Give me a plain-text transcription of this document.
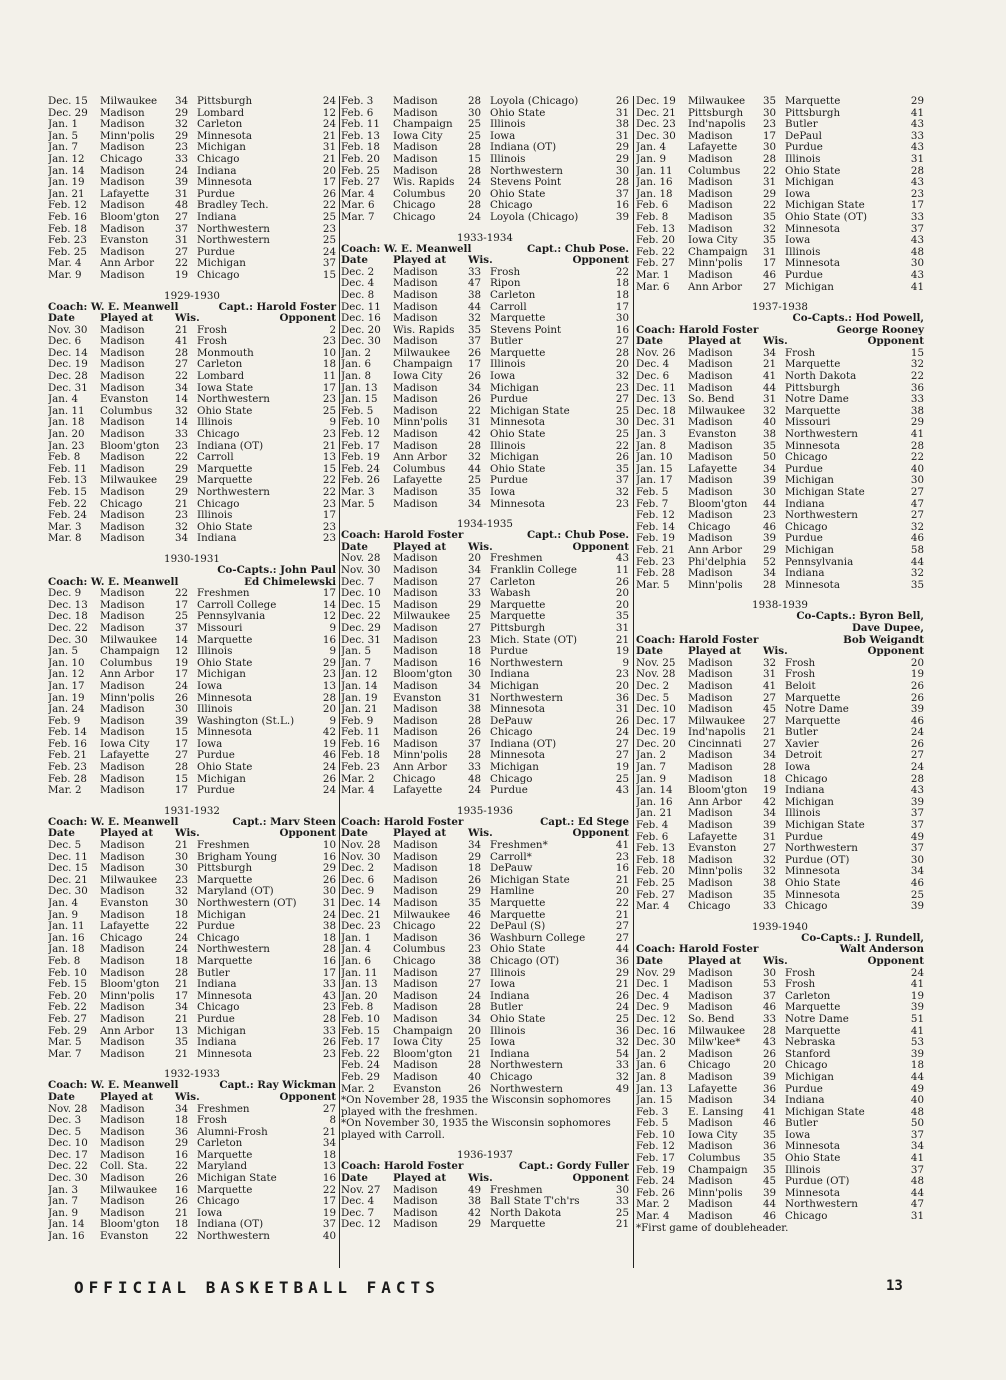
Dec. 15	Milwaukee	34 Pittsburgh	24
Dec. 29	Madison	29 Lombard	12
Jan. 1	Madison	32 Carleton	24
Jan. 5	Minn'polis	29 Minnesota	21
Jan. 7	Madison	23 Michigan	31
Jan. 12	Chicago	33 Chicago	21
Jan. 14	Madison	24 Indiana	20
Jan. 19	Madison	39 Minnesota	17
Jan. 21	Lafayette	31 Purdue	26
Feb. 12	Madison	48 Bradley Tech.	22
Feb. 16	Bloom'gton	27 Indiana	25
Feb. 18	Madison	37 Northwestern	23
Feb. 23	Evanston	31 Northwestern	25
Feb. 25	Madison	27 Purdue	24
Mar. 4	Ann Arbor	22 Michigan	37
Mar. 9	Madison	19 Chicago	15
1929-1930
Coach: W. E. Meanwell	Capt.: Harold Foster
Date	Played at	Wis.	Opponent
Nov. 30	Madison	21 Frosh	2
Dec. 6	Madison	41 Frosh	23
Dec. 14	Madison	28 Monmouth	10
Dec. 19	Madison	27 Carleton	18
Dec. 28	Madison	22 Lombard	11
Dec. 31	Madison	34 Iowa State	17
Jan. 4	Evanston	14 Northwestern	23
Jan. 11	Columbus	32 Ohio State	25
Jan. 18	Madison	14 Illinois	9
Jan. 20	Madison	33 Chicago	23
Jan. 23	Bloom'gton	23 Indiana (OT)	21
Feb. 8	Madison	22 Carroll	13
Feb. 11	Madison	29 Marquette	15
Feb. 13	Milwaukee	29 Marquette	22
Feb. 15	Madison	29 Northwestern	22
Feb. 22	Chicago	21 Chicago	23
Feb. 24	Madison	23 Illinois	17
Mar. 3	Madison	32 Ohio State	23
Mar. 8	Madison	34 Indiana	23
1930-1931
Co-Capts.: John Paul
Coach: W. E. Meanwell	Ed Chimelewski
Dec. 9	Madison	22 Freshmen	17
Dec. 13	Madison	17 Carroll College	14
Dec. 18	Madison	25 Pennsylvania	12
Dec. 22	Madison	37 Missouri	9
Dec. 30	Milwaukee	14 Marquette	16
Jan. 5	Champaign	12 Illinois	9
Jan. 10	Columbus	19 Ohio State	29
Jan. 12	Ann Arbor	17 Michigan	23
Jan. 17	Madison	24 Iowa	13
Jan. 19	Minn'polis	26 Minnesota	28
Jan. 24	Madison	30 Illinois	20
Feb. 9	Madison	39 Washington (St.L.)	9
Feb. 14	Madison	15 Minnesota	42
Feb. 16	Iowa City	17 Iowa	19
Feb. 21	Lafayette	27 Purdue	46
Feb. 23	Madison	28 Ohio State	24
Feb. 28	Madison	15 Michigan	26
Mar. 2	Madison	17 Purdue	24
1931-1932
Coach: W. E. Meanwell	Capt.: Marv Steen
Date	Played at	Wis.	Opponent
Dec. 5	Madison	21 Freshmen	10
Dec. 11	Madison	30 Brigham Young	16
Dec. 15	Madison	30 Pittsburgh	29
Dec. 21	Milwaukee	23 Marquette	26
Dec. 30	Madison	32 Maryland (OT)	30
Jan. 4	Evanston	30 Northwestern (OT)	31
Jan. 9	Madison	18 Michigan	24
Jan. 11	Lafayette	22 Purdue	38
Jan. 16	Chicago	24 Chicago	18
Jan. 18	Madison	24 Northwestern	28
Feb. 8	Madison	18 Marquette	16
Feb. 10	Madison	28 Butler	17
Feb. 15	Bloom'gton	21 Indiana	33
Feb. 20	Minn'polis	17 Minnesota	43
Feb. 22	Madison	34 Chicago	23
Feb. 27	Madison	21 Purdue	28
Feb. 29	Ann Arbor	13 Michigan	33
Mar. 5	Madison	35 Indiana	26
Mar. 7	Madison	21 Minnesota	23
1932-1933
Coach: W. E. Meanwell	Capt.: Ray Wickman
Date	Played at	Wis.	Opponent
Nov. 28	Madison	34 Freshmen	27
Dec. 3	Madison	18 Frosh	8
Dec. 5	Madison	36 Alumni-Frosh	21
Dec. 10	Madison	29 Carleton	34
Dec. 17	Madison	16 Marquette	18
Dec. 22	Coll. Sta.	22 Maryland	13
Dec. 30	Madison	26 Michigan State	16
Jan. 3	Milwaukee	16 Marquette	22
Jan. 7	Madison	26 Chicago	17
Jan. 9	Madison	21 Iowa	19
Jan. 14	Bloom'gton	18 Indiana (OT)	37
Jan. 16	Evanston	22 Northwestern	40
Feb. 3	Madison	28 Loyola (Chicago)	26
Feb. 6	Madison	30 Ohio State	31
Feb. 11	Champaign	25 Illinois	38
Feb. 13	Iowa City	25 Iowa	31
Feb. 18	Madison	28 Indiana (OT)	29
Feb. 20	Madison	15 Illinois	29
Feb. 25	Madison	28 Northwestern	30
Feb. 27	Wis. Rapids	24 Stevens Point	28
Mar. 4	Columbus	20 Ohio State	37
Mar. 6	Chicago	28 Chicago	16
Mar. 7	Chicago	24 Loyola (Chicago)	39
1933-1934
Coach: W. E. Meanwell	Capt.: Chub Pose.
Date	Played at	Wis.	Opponent
Dec. 2	Madison	33 Frosh	22
Dec. 4	Madison	47 Ripon	18
Dec. 8	Madison	38 Carleton	18
Dec. 11	Madison	44 Carroll	17
Dec. 16	Madison	32 Marquette	30
Dec. 20	Wis. Rapids	35 Stevens Point	16
Dec. 30	Madison	37 Butler	27
Jan. 2	Milwaukee	26 Marquette	28
Jan. 6	Champaign	17 Illinois	20
Jan. 8	Iowa City	26 Iowa	32
Jan. 13	Madison	34 Michigan	23
Jan. 15	Madison	26 Purdue	27
Feb. 5	Madison	22 Michigan State	25
Feb. 10	Minn'polis	31 Minnesota	30
Feb. 12	Madison	42 Ohio State	25
Feb. 17	Madison	28 Illinois	22
Feb. 19	Ann Arbor	32 Michigan	26
Feb. 24	Columbus	44 Ohio State	35
Feb. 26	Lafayette	25 Purdue	37
Mar. 3	Madison	35 Iowa	32
Mar. 5	Madison	34 Minnesota	23
1934-1935
Coach: Harold Foster	Capt.: Chub Pose.
Date	Played at	Wis.	Opponent
Nov. 28	Madison	20 Freshmen	43
Nov. 30	Madison	34 Franklin College	11
Dec. 7	Madison	27 Carleton	26
Dec. 10	Madison	33 Wabash	20
Dec. 15	Madison	29 Marquette	20
Dec. 22	Milwaukee	25 Marquette	35
Dec. 29	Madison	27 Pittsburgh	31
Dec. 31	Madison	23 Mich. State (OT)	21
Jan. 5	Madison	18 Purdue	19
Jan. 7	Madison	16 Northwestern	9
Jan. 12	Bloom'gton	30 Indiana	23
Jan. 14	Madison	34 Michigan	20
Jan. 19	Evanston	31 Northwestern	36
Jan. 21	Madison	38 Minnesota	31
Feb. 9	Madison	28 DePauw	26
Feb. 11	Madison	26 Chicago	24
Feb. 16	Madison	37 Indiana (OT)	27
Feb. 18	Minn'polis	28 Minnesota	27
Feb. 23	Ann Arbor	33 Michigan	19
Mar. 2	Chicago	48 Chicago	25
Mar. 4	Lafayette	24 Purdue	43
1935-1936
Coach: Harold Foster	Capt.: Ed Stege
Date	Played at	Wis.	Opponent
Nov. 28	Madison	34 Freshmen*	41
Nov. 30	Madison	29 Carroll*	23
Dec. 2	Madison	18 DePauw	16
Dec. 6	Madison	26 Michigan State	21
Dec. 9	Madison	29 Hamline	20
Dec. 14	Madison	35 Marquette	22
Dec. 21	Milwaukee	46 Marquette	21
Dec. 23	Chicago	22 DePaul (S)	27
Jan. 1	Madison	36 Washburn College	27
Jan. 4	Columbus	23 Ohio State	44
Jan. 6	Chicago	38 Chicago (OT)	36
Jan. 11	Madison	27 Illinois	29
Jan. 13	Madison	27 Iowa	21
Jan. 20	Madison	24 Indiana	26
Feb. 8	Madison	28 Butler	24
Feb. 10	Madison	34 Ohio State	25
Feb. 15	Champaign	20 Illinois	36
Feb. 17	Iowa City	25 Iowa	32
Feb. 22	Bloom'gton	21 Indiana	54
Feb. 24	Madison	28 Northwestern	33
Feb. 29	Madison	40 Chicago	32
Mar. 2	Evanston	26 Northwestern	49
*On November 28, 1935 the Wisconsin sophomores played with the freshmen.
*On November 30, 1935 the Wisconsin sophomores played with Carroll.
1936-1937
Coach: Harold Foster	Capt.: Gordy Fuller
Date	Played at	Wis.	Opponent
Nov. 27	Madison	49 Freshmen	30
Dec. 4	Madison	38 Ball State T'ch'rs	33
Dec. 7	Madison	42 North Dakota	25
Dec. 12	Madison	29 Marquette	21
Dec. 19	Milwaukee	35 Marquette	29
Dec. 21	Pittsburgh	30 Pittsburgh	41
Dec. 23	Ind'napolis	23 Butler	43
Dec. 30	Madison	17 DePaul	33
Jan. 4	Lafayette	30 Purdue	43
Jan. 9	Madison	28 Illinois	31
Jan. 11	Columbus	22 Ohio State	28
Jan. 16	Madison	31 Michigan	43
Jan. 18	Madison	29 Iowa	23
Feb. 6	Madison	22 Michigan State	17
Feb. 8	Madison	35 Ohio State (OT)	33
Feb. 13	Madison	32 Minnesota	37
Feb. 20	Iowa City	35 Iowa	43
Feb. 22	Champaign	31 Illinois	48
Feb. 27	Minn'polis	17 Minnesota	30
Mar. 1	Madison	46 Purdue	43
Mar. 6	Ann Arbor	27 Michigan	41
1937-1938
Co-Capts.: Hod Powell,
Coach: Harold Foster	George Rooney
Date	Played at	Wis.	Opponent
Nov. 26	Madison	34 Frosh	15
Dec. 4	Madison	21 Marquette	32
Dec. 6	Madison	41 North Dakota	22
Dec. 11	Madison	44 Pittsburgh	36
Dec. 13	So. Bend	31 Notre Dame	33
Dec. 18	Milwaukee	32 Marquette	38
Dec. 31	Madison	40 Missouri	29
Jan. 3	Evanston	38 Northwestern	41
Jan. 8	Madison	35 Minnesota	28
Jan. 10	Madison	50 Chicago	22
Jan. 15	Lafayette	34 Purdue	40
Jan. 17	Madison	39 Michigan	30
Feb. 5	Madison	30 Michigan State	27
Feb. 7	Bloom'gton	44 Indiana	47
Feb. 12	Madison	23 Northwestern	27
Feb. 14	Chicago	46 Chicago	32
Feb. 19	Madison	39 Purdue	46
Feb. 21	Ann Arbor	29 Michigan	58
Feb. 23	Phi'delphia	52 Pennsylvania	44
Feb. 28	Madison	34 Indiana	32
Mar. 5	Minn'polis	28 Minnesota	35
1938-1939
Co-Capts.: Byron Bell,
Dave Dupee,
Coach: Harold Foster	Bob Weigandt
Date	Played at	Wis.	Opponent
Nov. 25	Madison	32 Frosh	20
Nov. 28	Madison	31 Frosh	19
Dec. 2	Madison	41 Beloit	26
Dec. 5	Madison	27 Marquette	26
Dec. 10	Madison	45 Notre Dame	39
Dec. 17	Milwaukee	27 Marquette	46
Dec. 19	Ind'napolis	21 Butler	24
Dec. 20	Cincinnati	27 Xavier	26
Jan. 2	Madison	34 Detroit	27
Jan. 7	Madison	28 Iowa	24
Jan. 9	Madison	18 Chicago	28
Jan. 14	Bloom'gton	19 Indiana	43
Jan. 16	Ann Arbor	42 Michigan	39
Jan. 21	Madison	34 Illinois	37
Feb. 4	Madison	39 Michigan State	37
Feb. 6	Lafayette	31 Purdue	49
Feb. 13	Evanston	27 Northwestern	37
Feb. 18	Madison	32 Purdue (OT)	30
Feb. 20	Minn'polis	32 Minnesota	34
Feb. 25	Madison	38 Ohio State	46
Feb. 27	Madison	35 Minnesota	25
Mar. 4	Chicago	33 Chicago	39
1939-1940
Co-Capts.: J. Rundell,
Coach: Harold Foster	Walt Anderson
Date	Played at	Wis.	Opponent
Nov. 29	Madison	30 Frosh	24
Dec. 1	Madison	53 Frosh	41
Dec. 4	Madison	37 Carleton	19
Dec. 9	Madison	46 Marquette	39
Dec. 12	So. Bend	33 Notre Dame	51
Dec. 16	Milwaukee	28 Marquette	41
Dec. 30	Milw'kee*	43 Nebraska	53
Jan. 2	Madison	26 Stanford	39
Jan. 6	Chicago	20 Chicago	18
Jan. 8	Madison	39 Michigan	44
Jan. 13	Lafayette	36 Purdue	49
Jan. 15	Madison	34 Indiana	40
Feb. 3	E. Lansing	41 Michigan State	48
Feb. 5	Madison	46 Butler	50
Feb. 10	Iowa City	35 Iowa	37
Feb. 12	Madison	36 Minnesota	34
Feb. 17	Columbus	35 Ohio State	41
Feb. 19	Champaign	35 Illinois	37
Feb. 24	Madison	45 Purdue (OT)	48
Feb. 26	Minn'polis	39 Minnesota	44
Mar. 2	Madison	44 Northwestern	47
Mar. 4	Madison	46 Chicago	31
*First game of doubleheader.
OFFICIAL BASKETBALL FACTS	13
